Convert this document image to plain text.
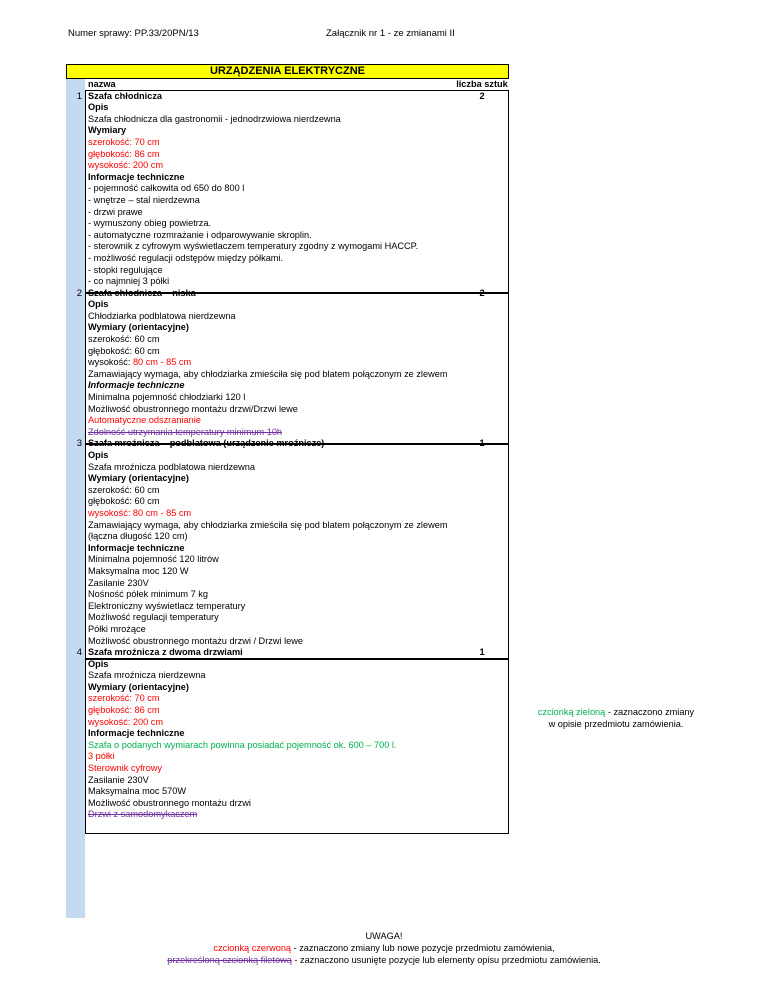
Numer sprawy: PP.33/20PN/13	Załącznik nr 1 - ze zmianami II
URZĄDZENIA ELEKTRYCZNE
nazwa	liczba sztuk
1 Szafa chłodnicza	2
Opis
Szafa chłodnicza dla gastronomii - jednodrzwiowa nierdzewna
Wymiary
szerokość: 70 cm
głębokość: 86 cm
wysokość: 200 cm
Informacje techniczne
- pojemność całkowita od 650 do 800 l
- wnętrze – stal nierdzewna
- drzwi prawe
- wymuszony obieg powietrza.
- automatyczne rozmrażanie i odparowywanie skroplin.
- sterownik z cyfrowym wyświetlaczem temperatury zgodny z wymogami HACCP.
- możliwość regulacji odstępów między półkami.
- stopki regulujące
- co najmniej 3 półki
2 Szafa chłodnicza – niska	2
Opis
Chłodziarka podblatowa nierdzewna
Wymiary (orientacyjne)
szerokość: 60 cm
głębokość: 60 cm
wysokość: 80 cm - 85 cm
Zamawiający wymaga, aby chłodziarka zmieściła się pod blatem połączonym ze zlewem
Informacje techniczne
Minimalna pojemność chłodziarki 120 l
Możliwość obustronnego montażu drzwi/Drzwi lewe
Automatyczne odszranianie
Zdolność utrzymania temperatury minimum 10h
3 Szafa mroźnicza – podblatowa (urządzenie mroźnicze)	1
Opis
Szafa mroźnicza podblatowa nierdzewna
Wymiary (orientacyjne)
szerokość: 60 cm
głębokość: 60 cm
wysokość: 80 cm - 85 cm
Zamawiający wymaga, aby chłodziarka zmieściła się pod blatem połączonym ze zlewem
(łączna długość 120 cm)
Informacje techniczne
Minimalna pojemność 120 litrów
Maksymalna moc 120 W
Zasilanie 230V
Nośność półek minimum 7 kg
Elektroniczny wyświetlacz temperatury
Możliwość regulacji temperatury
Półki mrożące
Możliwość obustronnego montażu drzwi / Drzwi lewe
4 Szafa mroźnicza z dwoma drzwiami	1
Opis
Szafa mroźnicza nierdzewna
Wymiary (orientacyjne)
szerokość: 70 cm
głębokość: 86 cm
wysokość: 200 cm
Informacje techniczne
Szafa o podanych wymiarach powinna posiadać pojemność ok. 600 – 700 l.
3 półki
Sterownik cyfrowy
Zasilanie 230V
Maksymalna moc 570W
Możliwość obustronnego montażu drzwi
Drzwi z samodomykaczem
czcionką zieloną - zaznaczono zmiany
w opisie przedmiotu zamówienia.
UWAGA!
czcionką czerwoną - zaznaczono zmiany lub nowe pozycje przedmiotu zamówienia,
przekreśloną czcionką filetową - zaznaczono usunięte pozycje lub elementy opisu przedmiotu zamówienia.
